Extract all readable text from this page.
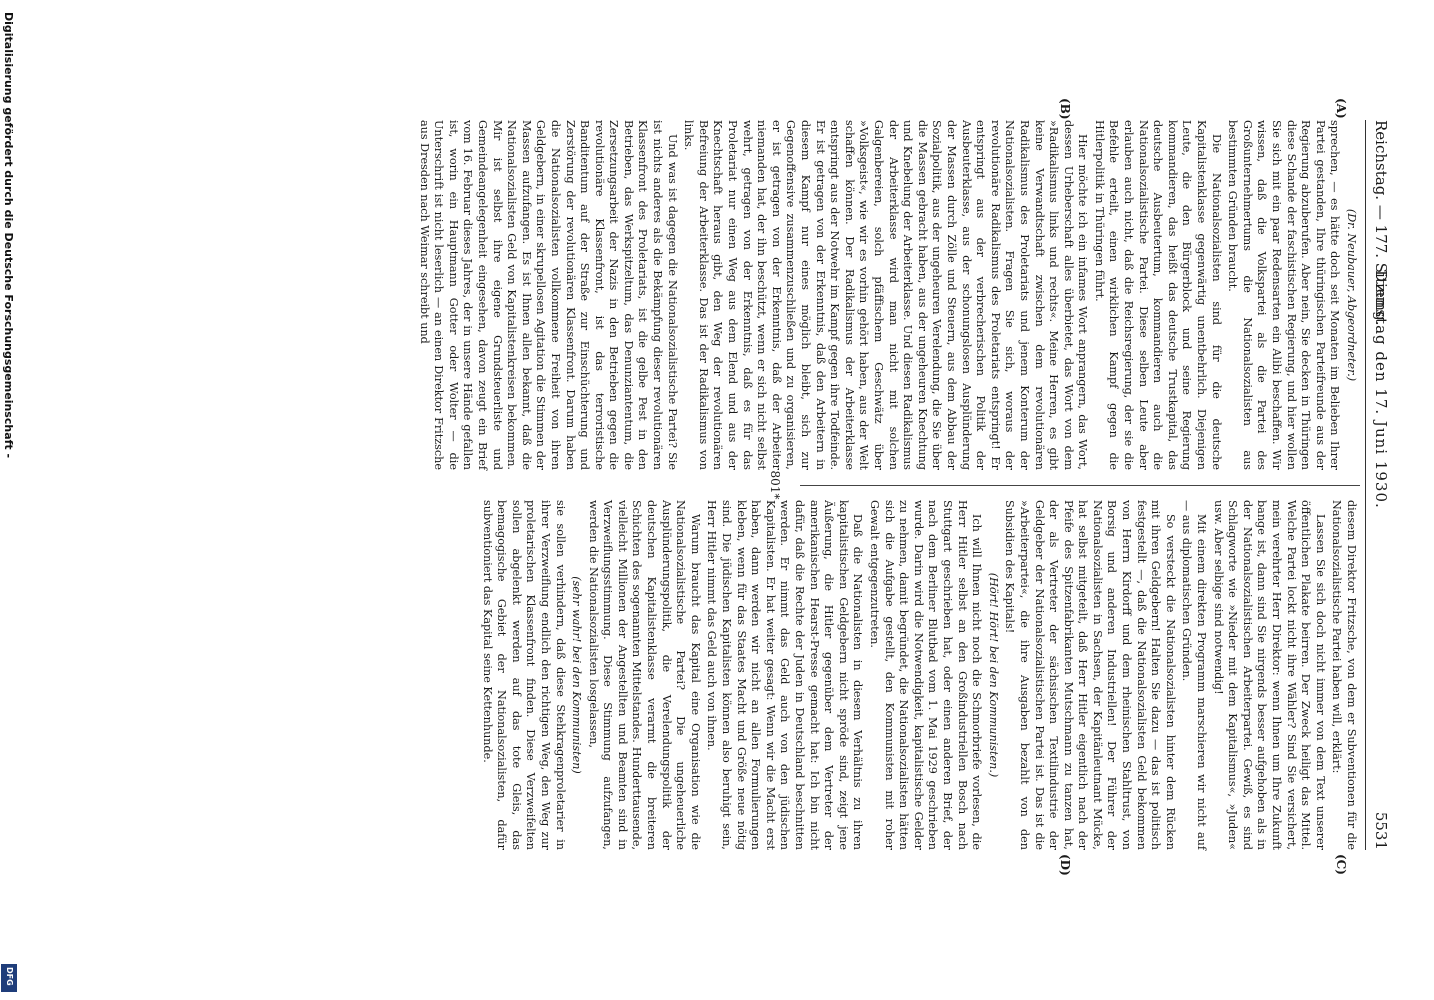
Reichstag. — 177. Sitzung.
Dienstag den 17. Juni 1930.
5531
(A)
(B)
(C)
(D)

(Dr. Neubauer, Abgeordneter.)

sprechen, — es hätte doch seit Monaten im Belieben Ihrer Partei gestanden, Ihre thüringischen Parteifreunde aus der Regierung abzuberufen. Aber nein, Sie decken in Thüringen diese Schande der faschistischen Regierung, und hier wollen Sie sich mit ein paar Redensarten ein Alibi beschaffen. Wir wissen, daß die Volkspartei als die Partei des Großunternehmertums die Nationalsozialisten aus bestimmten Gründen braucht.

Die Nationalsozialisten sind für die deutsche Kapitalistenklasse gegenwärtig unentbehrlich. Diejenigen Leute, die den Bürgerblock und seine Regierung kommandieren, das heißt das deutsche Trustkapital, das deutsche Ausbeutertum, kommandieren auch die Nationalsozialistische Partei. Diese selben Leute aber erlauben auch nicht, daß die Reichsregierung, der sie die Befehle erteilt, einen wirklichen Kampf gegen die Hitlerpolitik in Thüringen führt.

Hier möchte ich ein infames Wort anprangern, das Wort, dessen Urheberschaft alles überbietet, das Wort von dem »Radikalismus links und rechts«. Meine Herren, es gibt keine Verwandtschaft zwischen dem revolutionären Radikalismus des Proletariats und jenem Konterum der Nationalsozialisten. Fragen Sie sich, woraus der revolutionäre Radikalismus des Proletariats entspringt! Er entspringt aus der verbrecherischen Politik der Ausbeuterklasse, aus der schonungslosen Ausplünderung der Massen durch Zölle und Steuern, aus dem Abbau der Sozialpolitik, aus der ungeheuren Verelendung, die Sie über die Massen gebracht haben, aus der ungeheuren Knechtung und Knebelung der Arbeiterklasse. Und diesen Radikalismus der Arbeiterklasse wird man nicht mit solchen Galgenbereien, solch pfäffischem Geschwätz über »Volksgeist«, wie wir es vorhin gehört haben, aus der Welt schaffen können. Der Radikalismus der Arbeiterklasse entspringt aus der Notwehr im Kampf gegen ihre Todfeinde. Er ist getragen von der Erkenntnis, daß den Arbeitern in diesem Kampf nur eines möglich bleibt, sich zur Gegenoffensive zusammenzuschließen und zu organisieren, er ist getragen von der Erkenntnis, daß der Arbeiter niemanden hat, der ihn beschützt, wenn er sich nicht selbst wehrt, getragen von der Erkenntnis, daß es für das Proletariat nur einen Weg aus dem Elend und aus der Knechtschaft heraus gibt, den Weg der revolutionären Befreiung der Arbeiterklasse. Das ist der Radikalismus von links.

Und was ist dagegen die Nationalsozialistische Partei? Sie ist nichts anderes als die Bekämpfung dieser revolutionären Klassenfront des Proletariats, ist die gelbe Pest in den Betrieben, das Werkspitzeltum, das Denunziantentum, die Zersetzungsarbeit der Nazis in den Betrieben gegen die revolutionäre Klassenfront, ist das terroristische Banditentum auf der Straße zur Einschüchterung und Zerstörung der revolutionären Klassenfront. Darum haben die Nationalsozialisten vollkommene Freiheit von ihren Geldgebern, in einer skrupellosen Agitation die Stimmen der Massen aufzufangen. Es ist Ihnen allen bekannt, daß die Nationalsozialisten Geld von Kapitalistenkreisen bekommen. Mir ist selbst ihre eigene Grundsteuerliste und Gemeindeangelegenheit eingesehen, davon zeugt ein Brief vom 16. Februar dieses Jahres, der in unsere Hände gefallen ist, worin ein Hauptmann Gotter oder Wolter — die Unterschrift ist nicht leserlich — an einen Direktor Fritzsche aus Dresden nach Weimar schreibt und

diesem Direktor Fritzsche, von dem er Subventionen für die Nationalsozialistische Partei haben will, erklärt:

Lassen Sie sich doch nicht immer von dem Text unserer öffentlichen Plakate beirren. Der Zweck heiligt das Mittel. Welche Partei lockt nicht ihre Wähler? Sind Sie versichert, mein verehrter Herr Direktor: wenn Ihnen um Ihre Zukunft bange ist, dann sind Sie nirgends besser aufgehoben als in der Nationalsozialistischen Arbeiterpartei. Gewiß, es sind Schlagworte wie »Nieder mit dem Kapitalismus«, »Juden« usw. Aber selbige sind notwendig!

Mit einem direkten Programm marschieren wir nicht auf — aus diplomatischen Gründen.

So versteckt die Nationalsozialisten hinter dem Rücken mit ihren Geldgebern! Halten Sie dazu — das ist politisch festgestellt —, daß die Nationalsozialisten Geld bekommen von Herrn Kirdorff und dem rheinischen Stahltrust, von Borsig und anderen Industriellen! Der Führer der Nationalsozialisten in Sachsen, der Kapitänleutnant Mücke, hat selbst mitgeteilt, daß Herr Hitler eigentlich nach der Pfeife des Spitzenfabrikanten Mutschmann zu tanzen hat, der als Vertreter der sächsischen Textilindustrie der Geldgeber der Nationalsozialistischen Partei ist. Das ist die »Arbeiterpartei«, die ihre Ausgaben bezahlt von den Subsidien des Kapitals!

(Hört! Hört! bei den Kommunisten.)

Ich will Ihnen nicht noch die Schmorbriefe vorlesen, die Herr Hitler selbst an den Großindustriellen Bosch nach Stuttgart geschrieben hat, oder einen anderen Brief, der nach dem Berliner Blutbad vom 1. Mai 1929 geschrieben wurde. Darin wird die Notwendigkeit, kapitalistische Gelder zu nehmen, damit begründet, die Nationalsozialisten hätten sich die Aufgabe gestellt, den Kommunisten mit roher Gewalt entgegenzutreten.

Daß die Nationalisten in diesem Verhältnis zu ihren kapitalistischen Geldgebern nicht spröde sind, zeigt jene Äußerung, die Hitler gegenüber dem Vertreter der amerikanischen Hearst-Presse gemacht hat: Ich bin nicht dafür, daß die Rechte der Juden in Deutschland beschnitten werden. Er nimmt das Geld auch von den jüdischen Kapitalisten. Er hat weiter gesagt: Wenn wir die Macht erst haben, dann werden wir nicht an allen Formulierungen kleben, wenn für das Staates Macht und Größe neue nötig sind. Die jüdischen Kapitalisten können also beruhigt sein, Herr Hitler nimmt das Geld auch von ihnen.

Warum braucht das Kapital eine Organisation wie die Nationalsozialistische Partei? Die ungeheuerliche Ausplünderungspolitik, die Verelendungspolitik der deutschen Kapitalistenklasse verarmt die breiteren Schichten des sogenannten Mittelstandes. Hunderttausende, vielleicht Millionen der Angestellten und Beamten sind in Verzweiflungsstimmung. Diese Stimmung aufzufangen, werden die Nationalsozialisten losgelassen,

(sehr wahr! bei den Kommunisten)

sie sollen verhindern, daß diese Stehkragenproletarier in ihrer Verzweiflung endlich den richtigen Weg, den Weg zur proletarischen Klassenfront finden. Diese Verzweifelten sollen abgelenkt werden auf das tote Gleis, das bemagogische Gebiet der Nationalsozialisten, dafür subventioniert das Kapital seine Kettenhunde.

801*
Digitalisierung gefördert durch die Deutsche Forschungsgemeinschaft -
DFG
